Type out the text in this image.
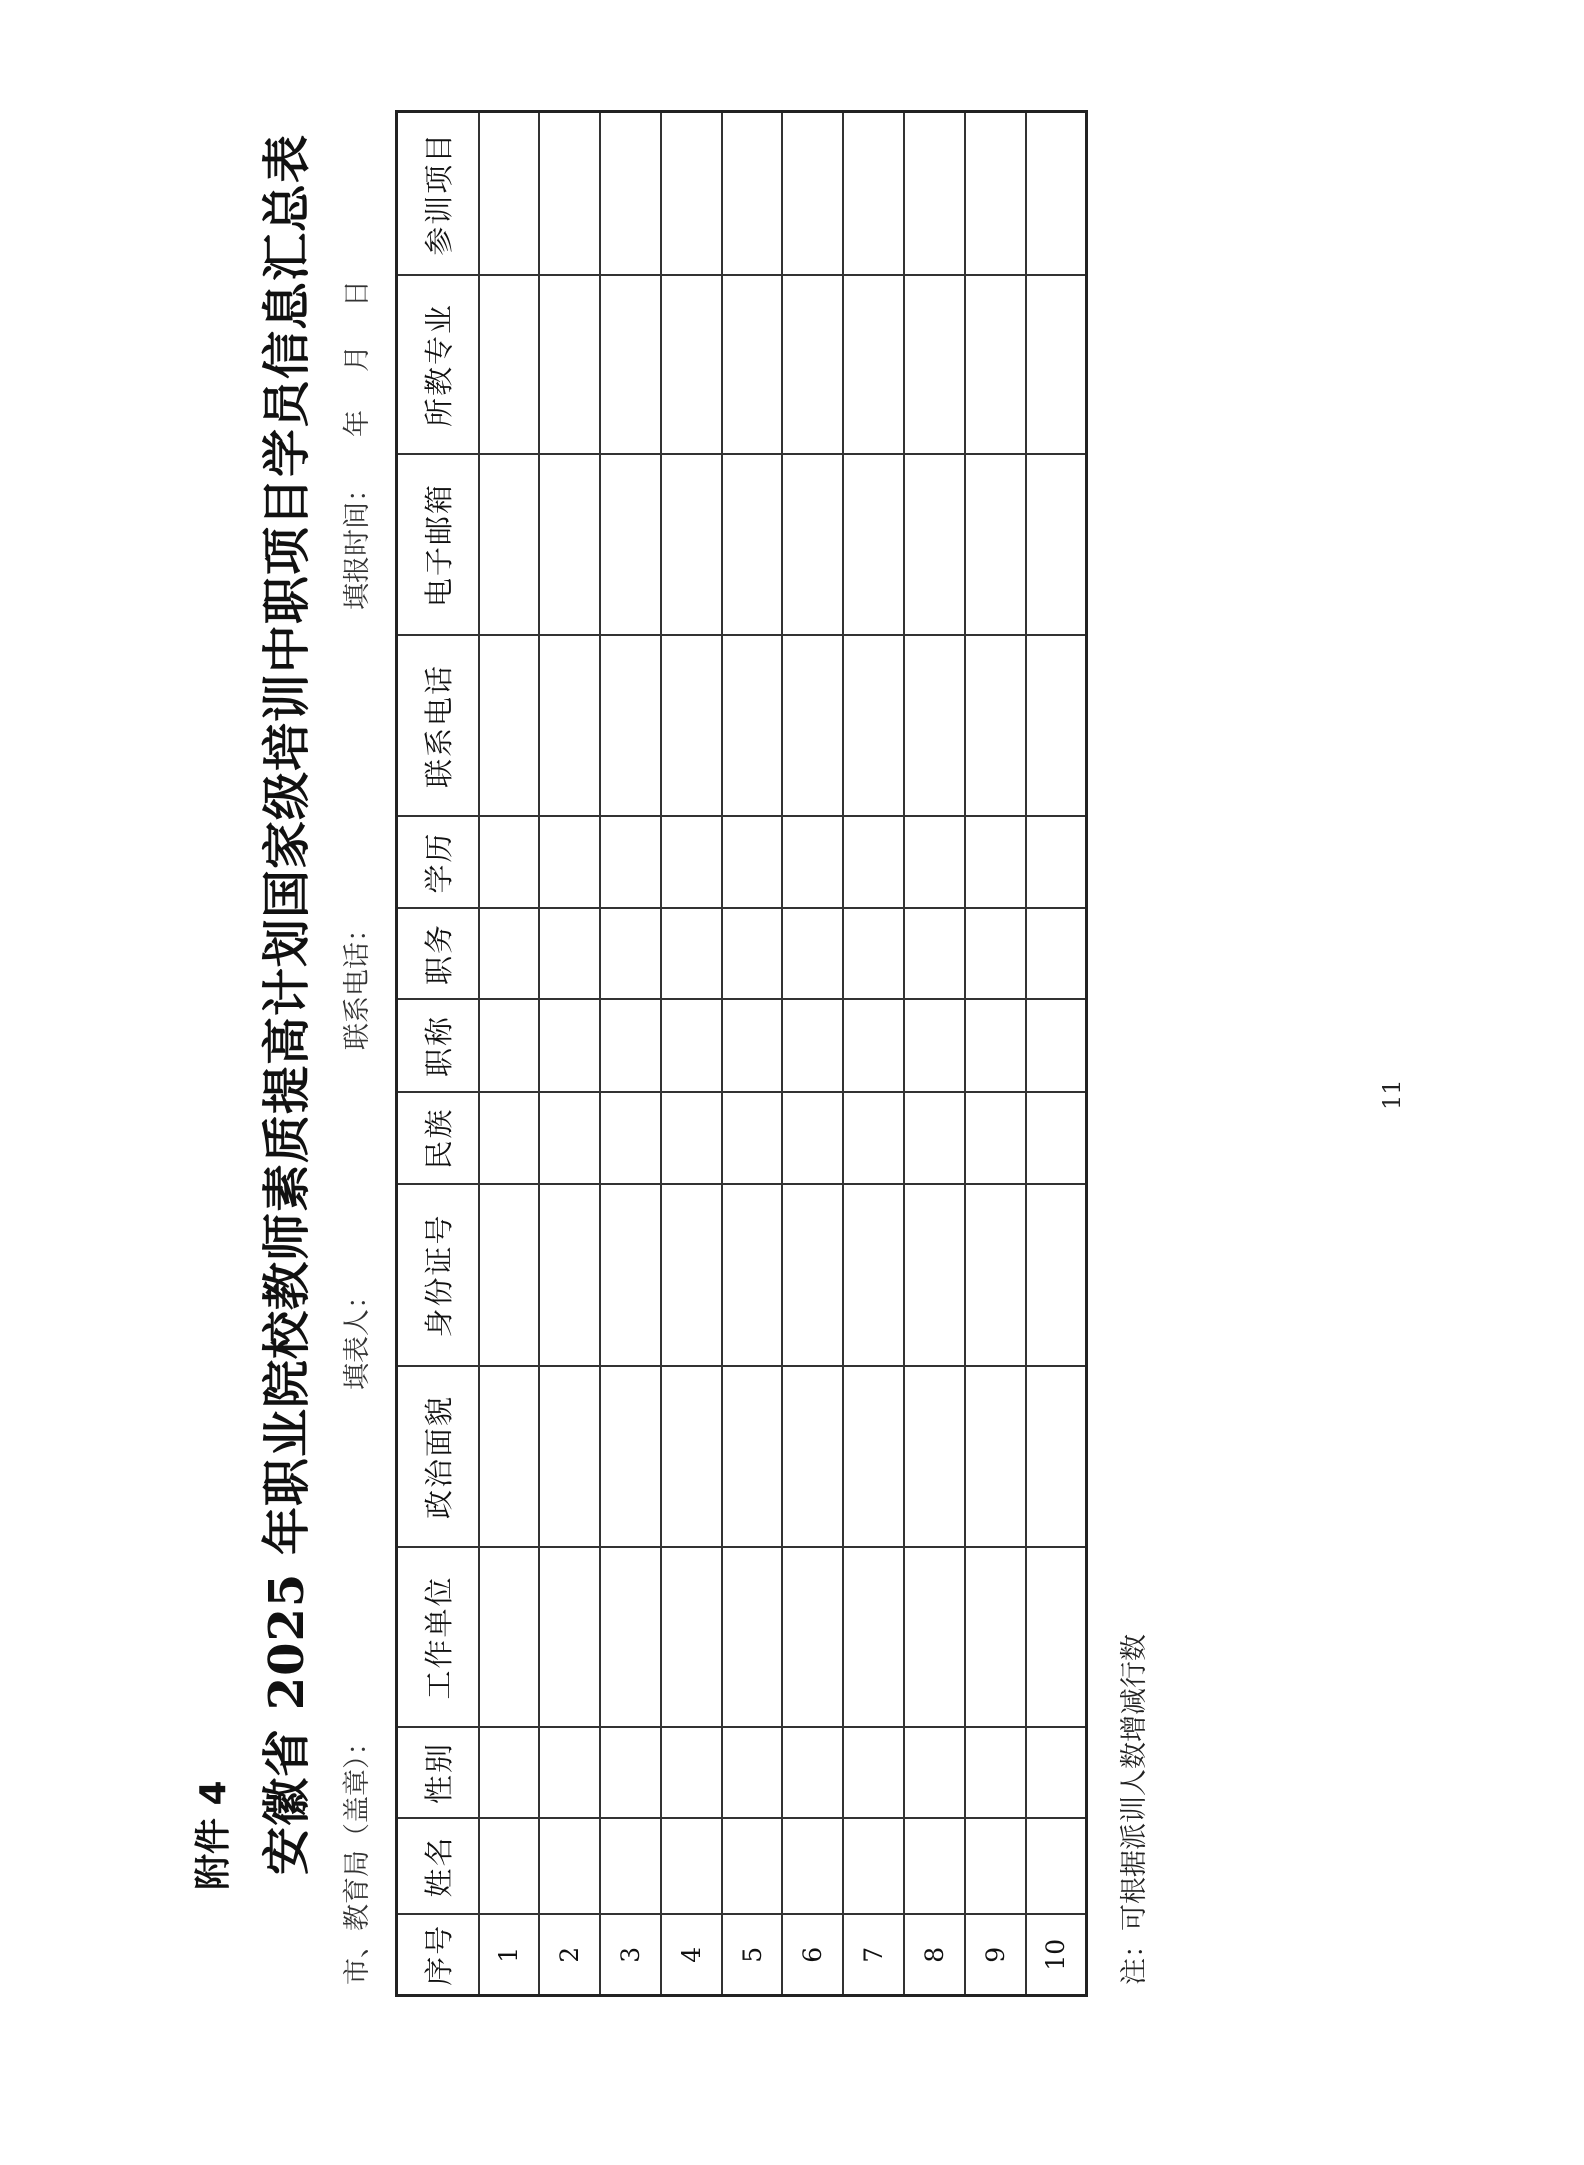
附件 4 安徽省 2025 年职业院校教师素质提高计划国家级培训中职项目学员信息汇总表 市、教育局（盖章）：
填表人：
联系电话：
填报时间：年月日
序号	姓名	性别	工作单位	政治面貌	身份证号	民族	职称	职务	学历	联系电话	电子邮箱	所教专业	参训项目
1													
2													
3													
4													
5													
6													
7													
8													
9													
10													注：可根据派训人数增减行数
11
